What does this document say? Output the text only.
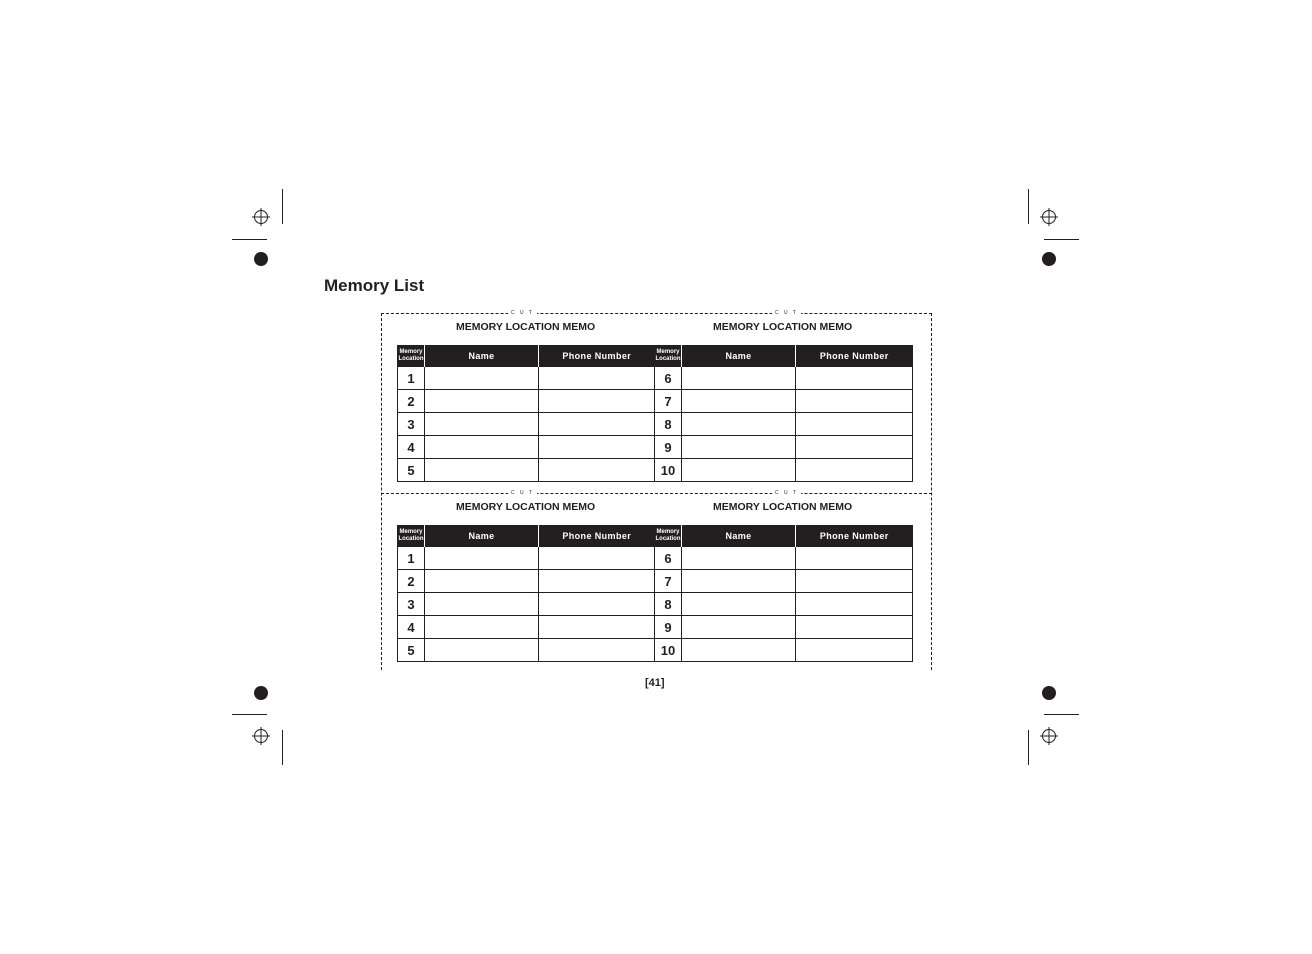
Memory List
C U T	C U T
C U T	C U T
MEMORY LOCATION MEMO	MEMORY LOCATION MEMO
Memory
Location	Name	Phone Number
1		
2		
3		
4		
5		
Memory
Location	Name	Phone Number
6		
7		
8		
9		
10		
MEMORY LOCATION MEMO	MEMORY LOCATION MEMO
Memory
Location	Name	Phone Number
1		
2		
3		
4		
5		
Memory
Location	Name	Phone Number
6		
7		
8		
9		
10		
[41]
